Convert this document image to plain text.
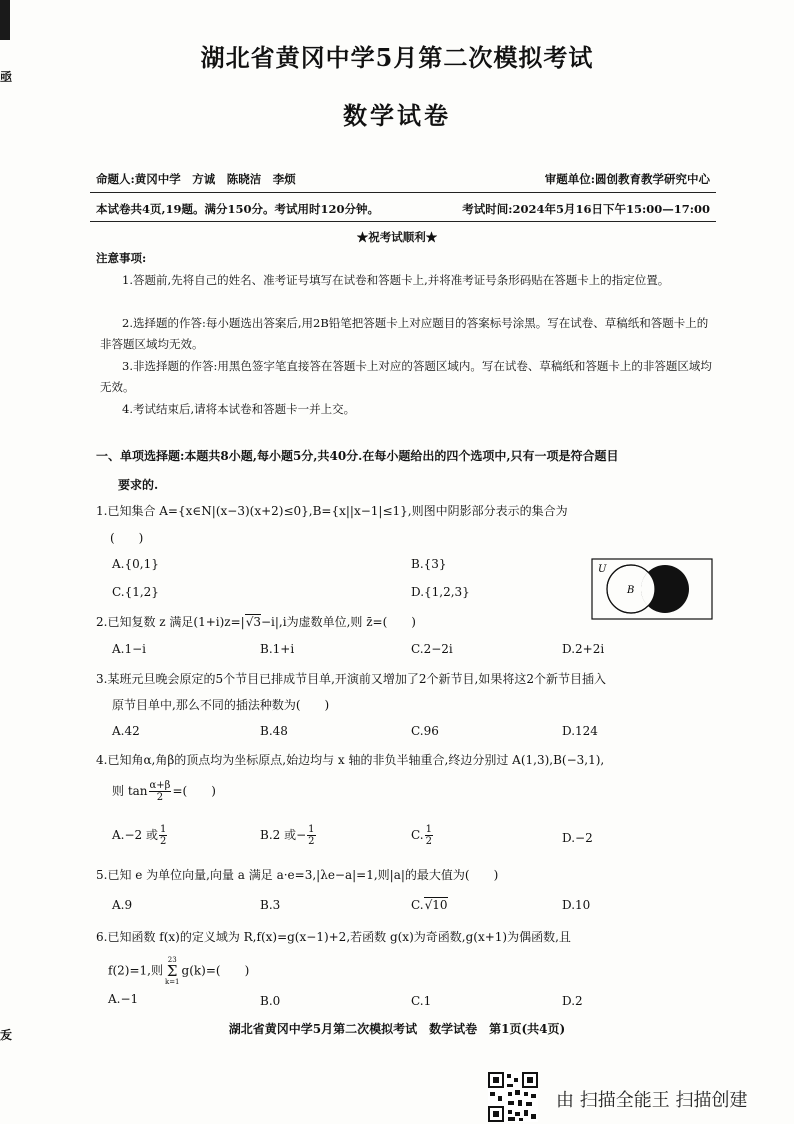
亟
湖北省黄冈中学5月第二次模拟考试
数学试卷
命题人:黄冈中学　方诚　陈晓洁　李烦	审题单位:圆创教育教学研究中心
本试卷共4页,19题。满分150分。考试用时120分钟。	考试时间:2024年5月16日下午15:00—17:00
★祝考试顺利★
注意事项:
1.答题前,先将自己的姓名、准考证号填写在试卷和答题卡上,并将准考证号条形码贴在答题卡上的指定位置。
2.选择题的作答:每小题选出答案后,用2B铅笔把答题卡上对应题目的答案标号涂黑。写在试卷、草稿纸和答题卡上的非答题区域均无效。
3.非选择题的作答:用黑色签字笔直接答在答题卡上对应的答题区域内。写在试卷、草稿纸和答题卡上的非答题区域均无效。
4.考试结束后,请将本试卷和答题卡一并上交。
一、单项选择题:本题共8小题,每小题5分,共40分.在每小题给出的四个选项中,只有一项是符合题目
要求的.
1.已知集合 A={x∈N|(x−3)(x+2)≤0},B={x||x−1|≤1},则图中阴影部分表示的集合为
(　　)
A.{0,1}	B.{3}
C.{1,2}	D.{1,2,3}
U
B
2.已知复数 z 满足(1+i)z=|√3−i|,i为虚数单位,则 z̄=(　　)
A.1−i	B.1+i	C.2−2i	D.2+2i
3.某班元旦晚会原定的5个节目已排成节目单,开演前又增加了2个新节目,如果将这2个新节目插入
原节目单中,那么不同的插法种数为(　　)
A.42	B.48	C.96	D.124
4.已知角α,角β的顶点均为坐标原点,始边均与 x 轴的非负半轴重合,终边分别过 A(1,3),B(−3,1),
则 $\tan \frac{\alpha+\beta}{2}$ =(　　)
A.−2 或 $\frac{1}{2}$	B.2 或− $\frac{1}{2}$	C. $\frac{1}{2}$	D.−2
5.已知 e 为单位向量,向量 a 满足 a·e=3,|λe−a|=1,则|a|的最大值为(　　)
A.9	B.3	C.√10	D.10
6.已知函数 f(x)的定义域为 R,f(x)=g(x−1)+2,若函数 g(x)为奇函数,g(x+1)为偶函数,且
f(2)=1,则23
Σ
k=1g(k)=(　　)
A.−1	B.0	C.1	D.2
湖北省黄冈中学5月第二次模拟考试　数学试卷　第1页(共4页)
叐
由 扫描全能王 扫描创建
